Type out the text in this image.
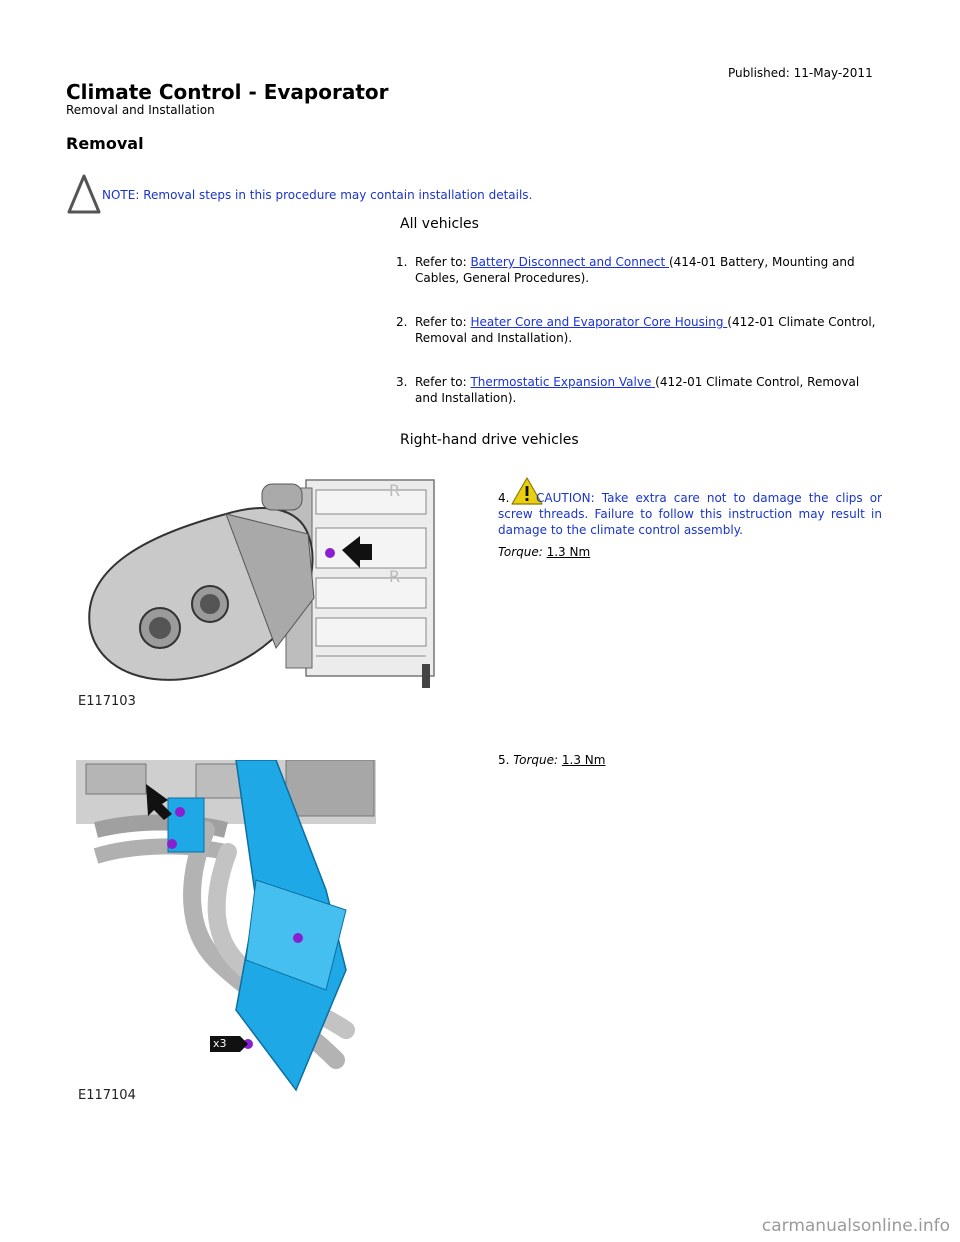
Published: 11-May-2011
Climate Control - Evaporator
Removal and Installation
Removal
NOTE: Removal steps in this procedure may contain installation details.
All vehicles
1. Refer to: Battery Disconnect and Connect (414-01 Battery, Mounting and Cables, General Procedures).
2. Refer to: Heater Core and Evaporator Core Housing (412-01 Climate Control, Removal and Installation).
3. Refer to: Thermostatic Expansion Valve (412-01 Climate Control, Removal and Installation).
Right-hand drive vehicles
R
R
E117103
4.	CAUTION: Take extra care not to damage the clips or screw threads. Failure to follow this instruction may result in damage to the climate control assembly.
Torque: 1.3 Nm
x3
E117104
5. Torque: 1.3 Nm
carmanualsonline.info
